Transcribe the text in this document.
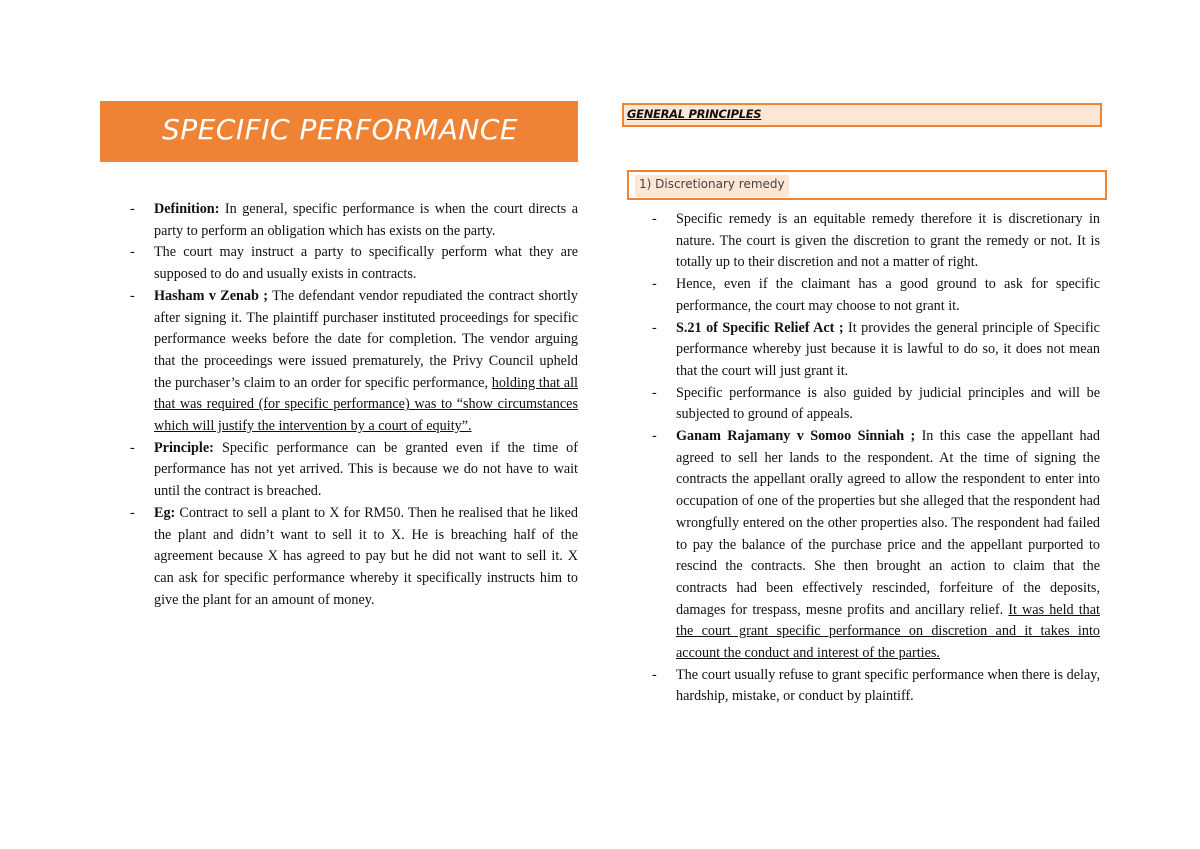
SPECIFIC PERFORMANCE
- Definition: In general, specific performance is when the court directs a party to perform an obligation which has exists on the party.
- The court may instruct a party to specifically perform what they are supposed to do and usually exists in contracts.
- Hasham v Zenab ; The defendant vendor repudiated the contract shortly after signing it. The plaintiff purchaser instituted proceedings for specific performance weeks before the date for completion. The vendor arguing that the proceedings were issued prematurely, the Privy Council upheld the purchaser’s claim to an order for specific performance, holding that all that was required (for specific performance) was to “show circumstances which will justify the intervention by a court of equity”.
- Principle: Specific performance can be granted even if the time of performance has not yet arrived. This is because we do not have to wait until the contract is breached.
- Eg: Contract to sell a plant to X for RM50. Then he realised that he liked the plant and didn’t want to sell it to X. He is breaching half of the agreement because X has agreed to pay but he did not want to sell it. X can ask for specific performance whereby it specifically instructs him to give the plant for an amount of money.
GENERAL PRINCIPLES
1) Discretionary remedy
- Specific remedy is an equitable remedy therefore it is discretionary in nature. The court is given the discretion to grant the remedy or not. It is totally up to their discretion and not a matter of right.
- Hence, even if the claimant has a good ground to ask for specific performance, the court may choose to not grant it.
- S.21 of Specific Relief Act ; It provides the general principle of Specific performance whereby just because it is lawful to do so, it does not mean that the court will just grant it.
- Specific performance is also guided by judicial principles and will be subjected to ground of appeals.
- Ganam Rajamany v Somoo Sinniah ; In this case the appellant had agreed to sell her lands to the respondent. At the time of signing the contracts the appellant orally agreed to allow the respondent to enter into occupation of one of the properties but she alleged that the respondent had wrongfully entered on the other properties also. The respondent had failed to pay the balance of the purchase price and the appellant purported to rescind the contracts. She then brought an action to claim that the contracts had been effectively rescinded, forfeiture of the deposits, damages for trespass, mesne profits and ancillary relief. It was held that the court grant specific performance on discretion and it takes into account the conduct and interest of the parties.
- The court usually refuse to grant specific performance when there is delay, hardship, mistake, or conduct by plaintiff.
